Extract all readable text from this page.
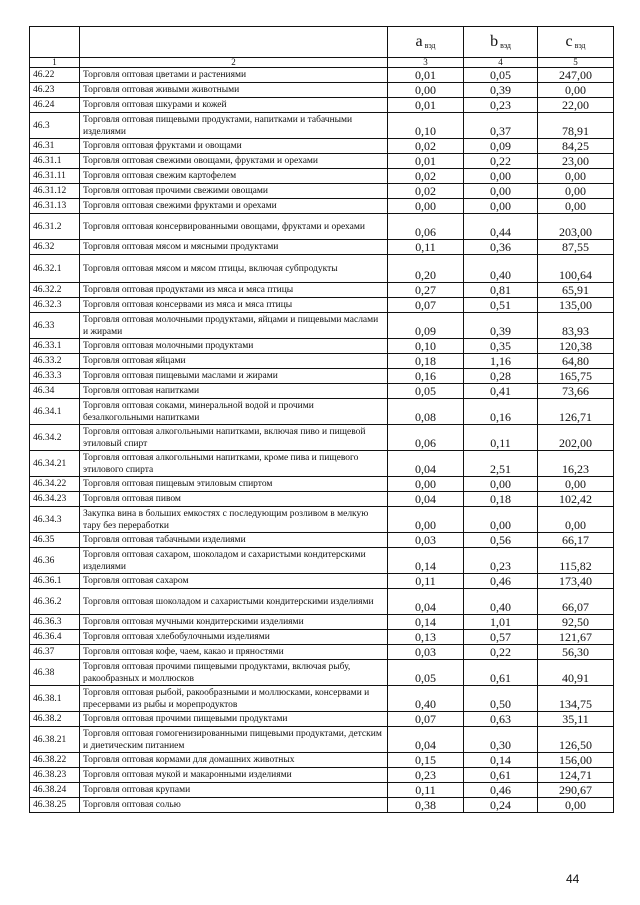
		a вэд	b вэд	c вэд
1	2	3	4	5
46.22	Торговля оптовая цветами и растениями	0,01	0,05	247,00
46.23	Торговля оптовая живыми животными	0,00	0,39	0,00
46.24	Торговля оптовая шкурами и кожей	0,01	0,23	22,00
46.3	Торговля оптовая пищевыми продуктами, напитками и табачными изделиями	0,10	0,37	78,91
46.31	Торговля оптовая фруктами и овощами	0,02	0,09	84,25
46.31.1	Торговля оптовая свежими овощами, фруктами и орехами	0,01	0,22	23,00
46.31.11	Торговля оптовая свежим картофелем	0,02	0,00	0,00
46.31.12	Торговля оптовая прочими свежими овощами	0,02	0,00	0,00
46.31.13	Торговля оптовая свежими фруктами и орехами	0,00	0,00	0,00
46.31.2	Торговля оптовая консервированными овощами, фруктами и орехами	0,06	0,44	203,00
46.32	Торговля оптовая мясом и мясными продуктами	0,11	0,36	87,55
46.32.1	Торговля оптовая мясом и мясом птицы, включая субпродукты	0,20	0,40	100,64
46.32.2	Торговля оптовая продуктами из мяса и мяса птицы	0,27	0,81	65,91
46.32.3	Торговля оптовая консервами из мяса и мяса птицы	0,07	0,51	135,00
46.33	Торговля оптовая молочными продуктами, яйцами и пищевыми маслами и жирами	0,09	0,39	83,93
46.33.1	Торговля оптовая молочными продуктами	0,10	0,35	120,38
46.33.2	Торговля оптовая яйцами	0,18	1,16	64,80
46.33.3	Торговля оптовая пищевыми маслами и жирами	0,16	0,28	165,75
46.34	Торговля оптовая напитками	0,05	0,41	73,66
46.34.1	Торговля оптовая соками, минеральной водой и прочими безалкогольными напитками	0,08	0,16	126,71
46.34.2	Торговля оптовая алкогольными напитками, включая пиво и пищевой этиловый спирт	0,06	0,11	202,00
46.34.21	Торговля оптовая алкогольными напитками, кроме пива и пищевого этилового спирта	0,04	2,51	16,23
46.34.22	Торговля оптовая пищевым этиловым спиртом	0,00	0,00	0,00
46.34.23	Торговля оптовая пивом	0,04	0,18	102,42
46.34.3	Закупка вина в больших емкостях с последующим розливом в мелкую тару без переработки	0,00	0,00	0,00
46.35	Торговля оптовая табачными изделиями	0,03	0,56	66,17
46.36	Торговля оптовая сахаром, шоколадом и сахаристыми кондитерскими изделиями	0,14	0,23	115,82
46.36.1	Торговля оптовая сахаром	0,11	0,46	173,40
46.36.2	Торговля оптовая шоколадом и сахаристыми кондитерскими изделиями	0,04	0,40	66,07
46.36.3	Торговля оптовая мучными кондитерскими изделиями	0,14	1,01	92,50
46.36.4	Торговля оптовая хлебобулочными изделиями	0,13	0,57	121,67
46.37	Торговля оптовая кофе, чаем, какао и пряностями	0,03	0,22	56,30
46.38	Торговля оптовая прочими пищевыми продуктами, включая рыбу, ракообразных и моллюсков	0,05	0,61	40,91
46.38.1	Торговля оптовая рыбой, ракообразными и моллюсками, консервами и пресервами из рыбы и морепродуктов	0,40	0,50	134,75
46.38.2	Торговля оптовая прочими пищевыми продуктами	0,07	0,63	35,11
46.38.21	Торговля оптовая гомогенизированными пищевыми продуктами, детским и диетическим питанием	0,04	0,30	126,50
46.38.22	Торговля оптовая кормами для домашних животных	0,15	0,14	156,00
46.38.23	Торговля оптовая мукой и макаронными изделиями	0,23	0,61	124,71
46.38.24	Торговля оптовая крупами	0,11	0,46	290,67
46.38.25	Торговля оптовая солью	0,38	0,24	0,00
44
